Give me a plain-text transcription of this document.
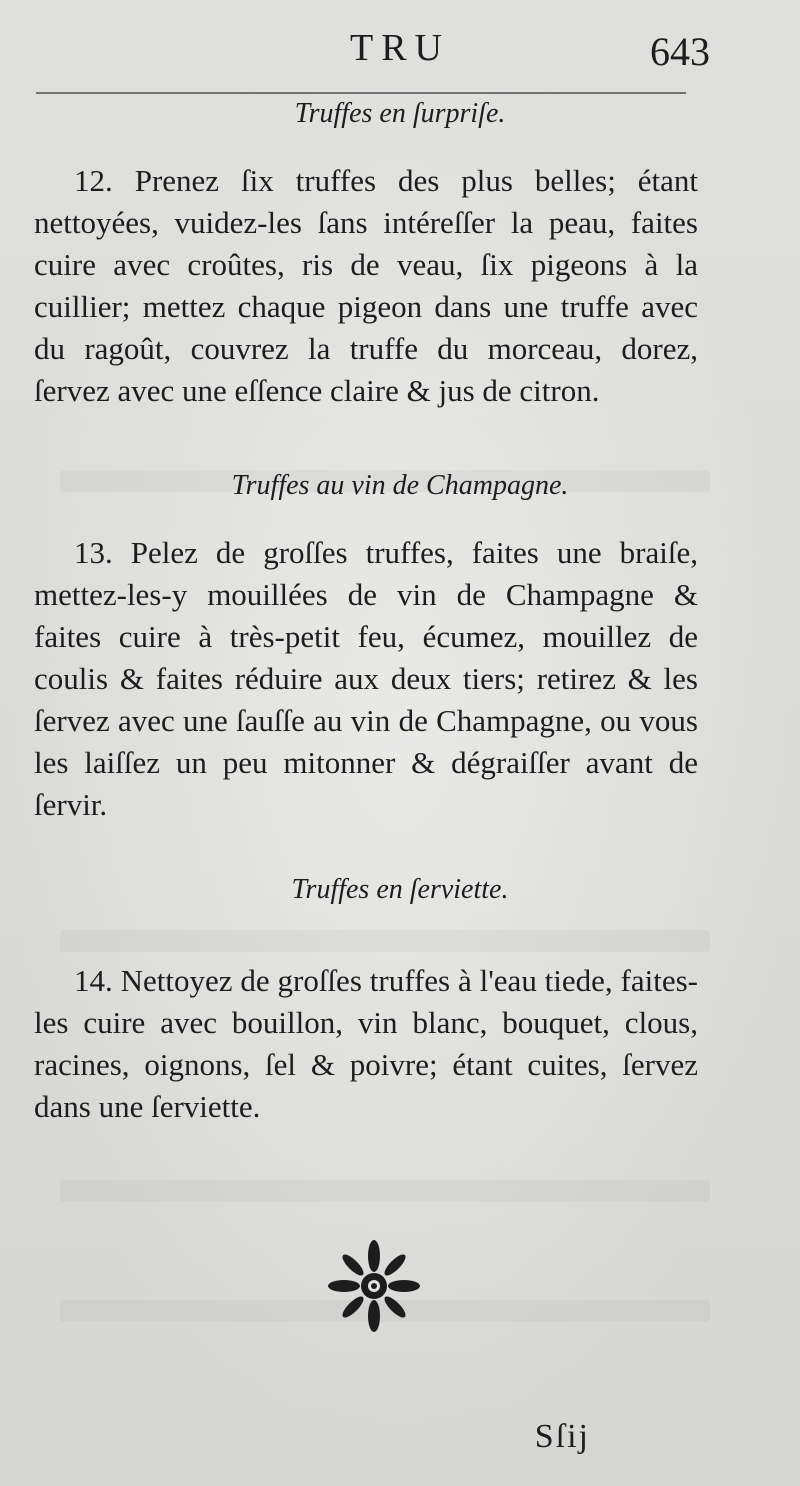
TRU	643
Truffes en ſurpriſe.
12. Prenez ſix truffes des plus belles; étant nettoyées, vuidez-les ſans intéreſſer la peau, faites cuire avec croûtes, ris de veau, ſix pigeons à la cuillier; mettez chaque pigeon dans une truffe avec du ragoût, couvrez la truffe du morceau, dorez, ſervez avec une eſſence claire & jus de citron.
Truffes au vin de Champagne.
13. Pelez de groſſes truffes, faites une braiſe, mettez-les-y mouillées de vin de Champagne & faites cuire à très-petit feu, écumez, mouillez de coulis & faites réduire aux deux tiers; retirez & les ſervez avec une ſauſſe au vin de Champagne, ou vous les laiſſez un peu mitonner & dégraiſſer avant de ſervir.
Truffes en ſerviette.
14. Nettoyez de groſſes truffes à l'eau tiede, faites-les cuire avec bouillon, vin blanc, bouquet, clous, racines, oignons, ſel & poivre; étant cuites, ſervez dans une ſerviette.
Sſij
